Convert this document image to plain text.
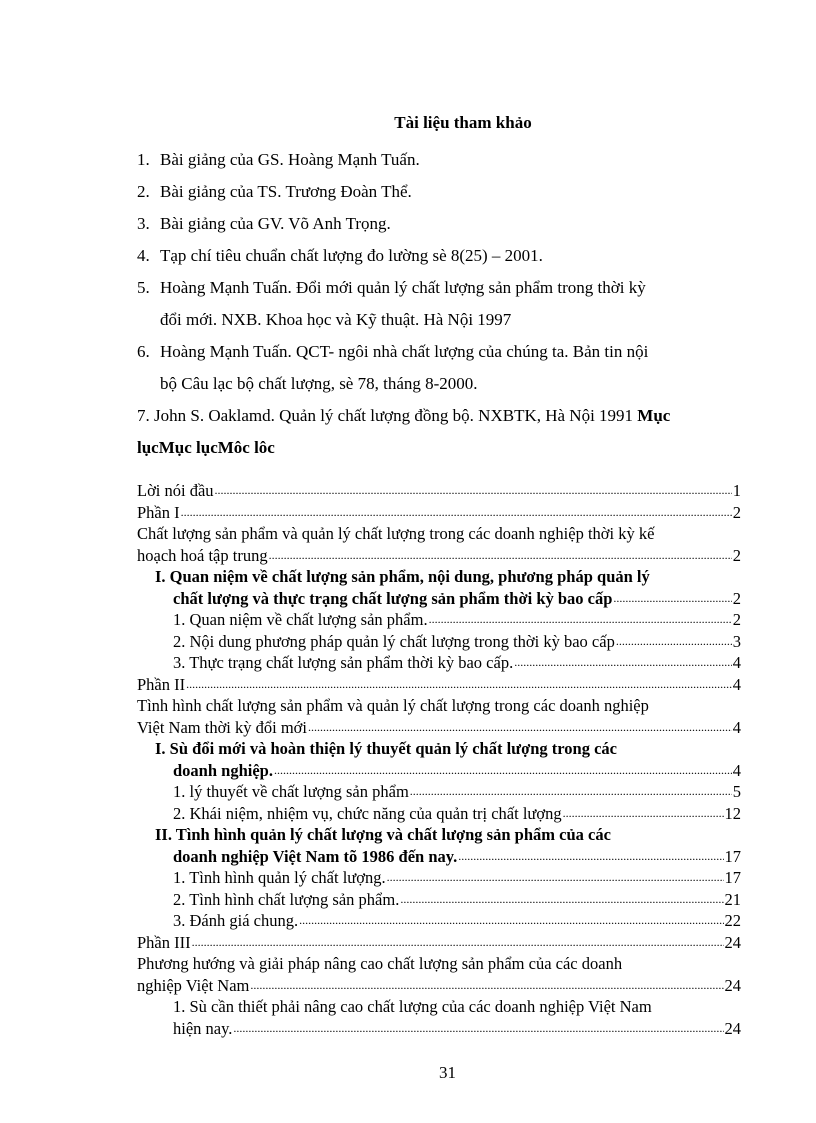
Tài liệu tham khảo
1. Bài giảng của GS. Hoàng Mạnh Tuấn.
2. Bài giảng của TS. Trương Đoàn Thể.
3. Bài giảng của GV. Võ Anh Trọng.
4. Tạp chí tiêu chuẩn chất lượng đo lường sè 8(25) – 2001.
5. Hoàng Mạnh Tuấn. Đổi mới quản lý chất lượng sản phẩm trong thời kỳ
đổi mới. NXB. Khoa học và Kỹ thuật. Hà Nội 1997
6. Hoàng Mạnh Tuấn. QCT- ngôi nhà chất lượng của chúng ta. Bản tin nội
bộ Câu lạc bộ chất lượng, sè 78, tháng 8-2000.
7. John S. Oaklamd. Quản lý chất lượng đồng bộ. NXBTK, Hà Nội 1991 Mục
lụcMục lụcMôc lôc
Lời nói đầu .....	1
Phần I .....	2
Chất lượng sản phẩm và quản lý chất lượng trong các doanh nghiệp thời kỳ kế
hoạch hoá tập trung .....	2
I. Quan niệm về chất lượng sản phẩm, nội dung, phương pháp quản lý
chất lượng và thực trạng chất lượng sản phẩm thời kỳ bao cấp .....	2
1. Quan niệm về chất lượng sản phẩm. .....	2
2. Nội dung phương pháp quản lý chất lượng trong thời kỳ bao cấp .....	3
3. Thực trạng chất lượng sản phẩm thời kỳ bao cấp. .....	4
Phần II .....	4
Tình hình chất lượng sản phẩm và quản lý chất lượng trong các doanh nghiệp
Việt Nam thời kỳ đổi mới .....	4
I. Sù đổi mới và hoàn thiện lý thuyết quản lý chất lượng trong các
doanh nghiệp. .....	4
1. lý thuyết về chất lượng sản phẩm .....	5
2. Khái niệm, nhiệm vụ, chức năng của quản trị chất lượng .....	12
II. Tình hình quản lý chất lượng và chất lượng sản phẩm của các
doanh nghiệp Việt Nam tõ 1986 đến nay. .....	17
1. Tình hình quản lý chất lượng. .....	17
2. Tình hình chất lượng sản phẩm. .....	21
3. Đánh giá chung. .....	22
Phần III .....	24
Phương hướng và giải pháp nâng cao chất lượng sản phẩm của các doanh
nghiệp Việt Nam .....	24
1. Sù cần thiết phải nâng cao chất lượng của các doanh nghiệp Việt Nam
hiện nay. .....	24
31
